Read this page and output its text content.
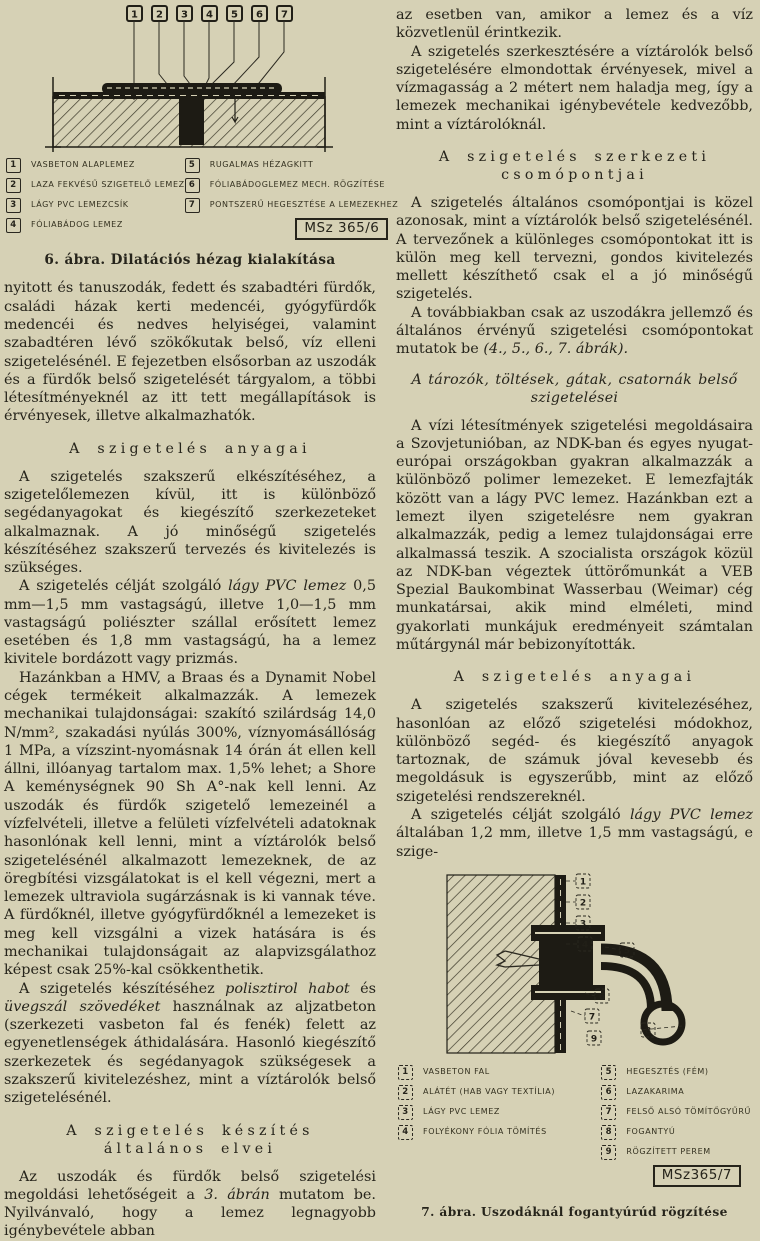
1 2 3 4 5 6 7
1	VASBETON ALAPLEMEZ
2	LAZA FEKVÉSŰ SZIGETELŐ LEMEZ
3	LÁGY PVC LEMEZCSÍK
4	FÓLIABÁDOG LEMEZ
5	RUGALMAS HÉZAGKITT
6	FÓLIABÁDOGLEMEZ MECH. RÖGZÍTÉSE
7	PONTSZERŰ HEGESZTÉSE A LEMEZEKHEZ
MSz 365/6
6. ábra. Dilatációs hézag kialakítása

nyitott és tanuszodák, fedett és szabadtéri fürdők, családi házak kerti medencéi, gyógyfürdők medencéi és nedves helyiségei, valamint szabadtéren lévő szökőkutak belső, víz elleni szigetelésénél. E fejezetben elsősorban az uszodák és a fürdők belső szigetelését tárgyalom, a többi létesítményeknél az itt tett megállapítások is érvényesek, illetve alkalmazhatók.

A szigetelés anyagai

A szigetelés szakszerű elkészítéséhez, a szigetelőlemezen kívül, itt is különböző segédanyagokat és kiegészítő szerkezeteket alkalmaznak. A jó minőségű szigetelés készítéséhez szakszerű tervezés és kivitelezés is szükséges.

A szigetelés célját szolgáló lágy PVC lemez 0,5 mm—1,5 mm vastagságú, illetve 1,0—1,5 mm vastagságú poliészter szállal erősített lemez esetében és 1,8 mm vastagságú, ha a lemez kivitele bordázott vagy prizmás.

Hazánkban a HMV, a Braas és a Dynamit Nobel cégek termékeit alkalmazzák. A lemezek mechanikai tulajdonságai: szakító szilárdság 14,0 N/mm², szakadási nyúlás 300%, víznyomásállóság 1 MPa, a vízszint-nyomásnak 14 órán át ellen kell állni, illóanyag tartalom max. 1,5% lehet; a Shore A keménységnek 90 Sh A°-nak kell lenni. Az uszodák és fürdők szigetelő lemezeinél a vízfelvételi, illetve a felületi vízfelvételi adatoknak hasonlónak kell lenni, mint a víztárolók belső szigetelésénél alkalmazott lemezeknek, de az öregbítési vizsgálatokat is el kell végezni, mert a lemezek ultraviola sugárzásnak is ki vannak téve. A fürdőknél, illetve gyógyfürdőknél a lemezeket is meg kell vizsgálni a vizek hatására is és mechanikai tulajdonságait az alapvizsgálathoz képest csak 25%-kal csökkenthetik.

A szigetelés készítéséhez polisztirol habot és üvegszál szövedéket használnak az aljzatbeton (szerkezeti vasbeton fal és fenék) felett az egyenetlenségek áthidalására. Hasonló kiegészítő szerkezetek és segédanyagok szükségesek a szakszerű kivitelezéshez, mint a víztárolók belső szigetelésénél.

A szigetelés készítés általános elvei

Az uszodák és fürdők belső szigetelési megoldási lehetőségeit a 3. ábrán mutatom be. Nyilvánvaló, hogy a lemez legnagyobb igénybevétele abban

az esetben van, amikor a lemez és a víz közvetlenül érintkezik.

A szigetelés szerkesztésére a víztárolók belső szigetelésére elmondottak érvényesek, mivel a vízmagasság a 2 métert nem haladja meg, így a lemezek mechanikai igénybevétele kedvezőbb, mint a víztárolóknál.

A szigetelés szerkezeti csomópontjai

A szigetelés általános csomópontjai is közel azonosak, mint a víztárolók belső szigetelésénél. A tervezőnek a különleges csomópontokat itt is külön meg kell tervezni, gondos kivitelezés mellett készíthető csak el a jó minőségű szigetelés.

A továbbiakban csak az uszodákra jellemző és általános érvényű szigetelési csomópontokat mutatok be (4., 5., 6., 7. ábrák).

A tározók, töltések, gátak, csatornák belső szigetelései

A vízi létesítmények szigetelési megoldásaira a Szovjetunióban, az NDK-ban és egyes nyugat-európai országokban gyakran alkalmazzák a különböző polimer lemezeket. E lemezfajták között van a lágy PVC lemez. Hazánkban ezt a lemezt ilyen szigetelésre nem gyakran alkalmazzák, pedig a lemez tulajdonságai erre alkalmassá teszik. A szocialista országok közül az NDK-ban végeztek úttörőmunkát a VEB Spezial Baukombinat Wasserbau (Weimar) cég munkatársai, akik mind elméleti, mind gyakorlati munkájuk eredményeit számtalan műtárgynál már bebizonyították.

A szigetelés anyagai

A szigetelés szakszerű kivitelezéséhez, hasonlóan az előző szigetelési módokhoz, különböző segéd- és kiegészítő anyagok tartoznak, de számuk jóval kevesebb és megoldásuk is egyszerűbb, mint az előző szigetelési rendszereknél.

A szigetelés célját szolgáló lágy PVC lemez általában 1,2 mm, illetve 1,5 mm vastagságú, e szige-

1
2
3
4
5
6
7
8
9
1	VASBETON FAL
2	ALÁTÉT (HAB VAGY TEXTÍLIA)
3	LÁGY PVC LEMEZ
4	FOLYÉKONY FÓLIA TÖMÍTÉS
5	HEGESZTÉS (FÉM)
6	LAZAKARIMA
7	FELSŐ ALSÓ TÖMÍTŐGYŰRŰ
8	FOGANTYÚ
9	RÖGZÍTETT PEREM
MSz365/7
7. ábra. Uszodáknál fogantyúrúd rögzítése
